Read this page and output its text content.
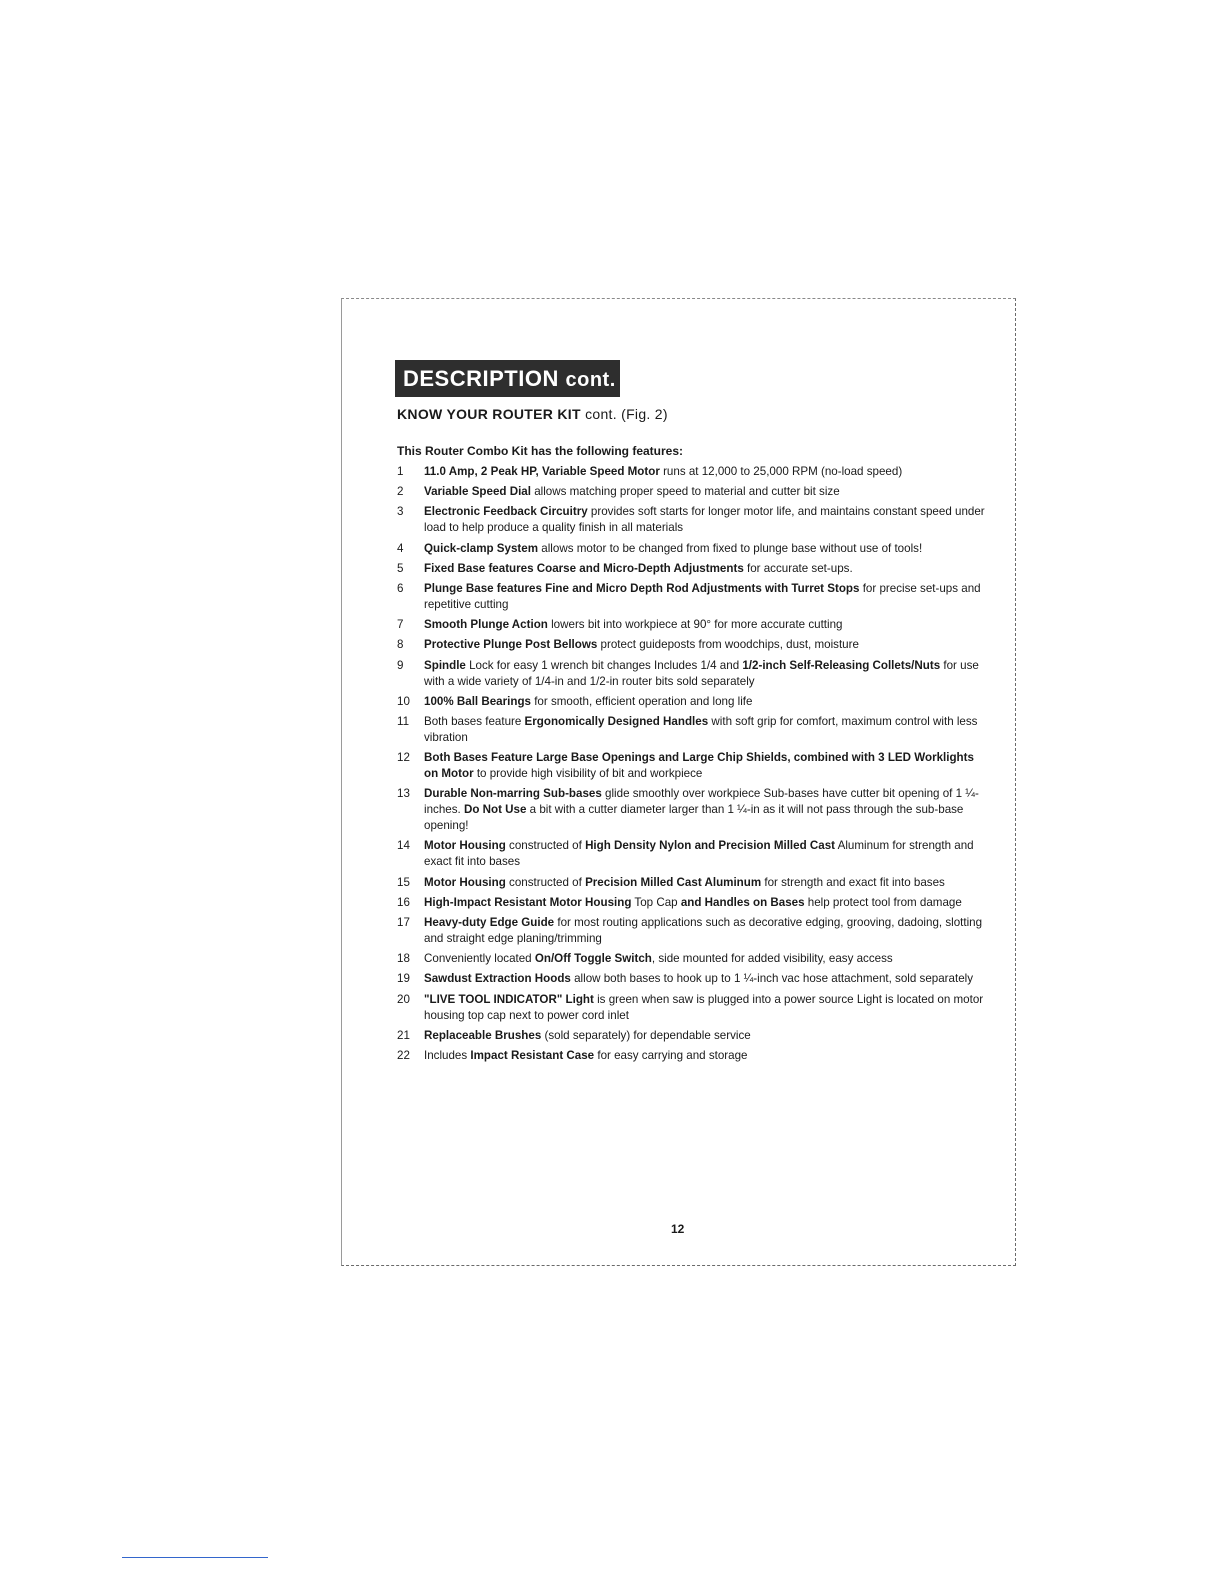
DESCRIPTION cont.
KNOW YOUR ROUTER KIT cont. (Fig. 2)
This Router Combo Kit has the following features:
1	11.0 Amp, 2 Peak HP, Variable Speed Motor runs at 12,000 to 25,000 RPM (no-load speed)
2	Variable Speed Dial allows matching proper speed to material and cutter bit size
3	Electronic Feedback Circuitry provides soft starts for longer motor life, and maintains constant speed under load to help produce a quality finish in all materials
4	Quick-clamp System allows motor to be changed from fixed to plunge base without use of tools!
5	Fixed Base features Coarse and Micro-Depth Adjustments for accurate set-ups.
6	Plunge Base features Fine and Micro Depth Rod Adjustments with Turret Stops for precise set-ups and repetitive cutting
7	Smooth Plunge Action lowers bit into workpiece at 90° for more accurate cutting
8	Protective Plunge Post Bellows protect guideposts from woodchips, dust, moisture
9	Spindle Lock for easy 1 wrench bit changes Includes 1/4 and 1/2-inch Self-Releasing Collets/Nuts for use with a wide variety of 1/4-in and 1/2-in router bits sold separately
10	100% Ball Bearings for smooth, efficient operation and long life
11	Both bases feature Ergonomically Designed Handles with soft grip for comfort, maximum control with less vibration
12	Both Bases Feature Large Base Openings and Large Chip Shields, combined with 3 LED Worklights on Motor to provide high visibility of bit and workpiece
13	Durable Non-marring Sub-bases glide smoothly over workpiece Sub-bases have cutter bit opening of 1 ¼-inches. Do Not Use a bit with a cutter diameter larger than 1 ¼-in as it will not pass through the sub-base opening!
14	Motor Housing constructed of High Density Nylon and Precision Milled Cast Aluminum for strength and exact fit into bases
15	Motor Housing constructed of Precision Milled Cast Aluminum for strength and exact fit into bases
16	High-Impact Resistant Motor Housing Top Cap and Handles on Bases help protect tool from damage
17	Heavy-duty Edge Guide for most routing applications such as decorative edging, grooving, dadoing, slotting and straight edge planing/trimming
18	Conveniently located On/Off Toggle Switch, side mounted for added visibility, easy access
19	Sawdust Extraction Hoods allow both bases to hook up to 1 ¼-inch vac hose attachment, sold separately
20	"LIVE TOOL INDICATOR" Light is green when saw is plugged into a power source Light is located on motor housing top cap next to power cord inlet
21	Replaceable Brushes (sold separately) for dependable service
22	Includes Impact Resistant Case for easy carrying and storage
12
